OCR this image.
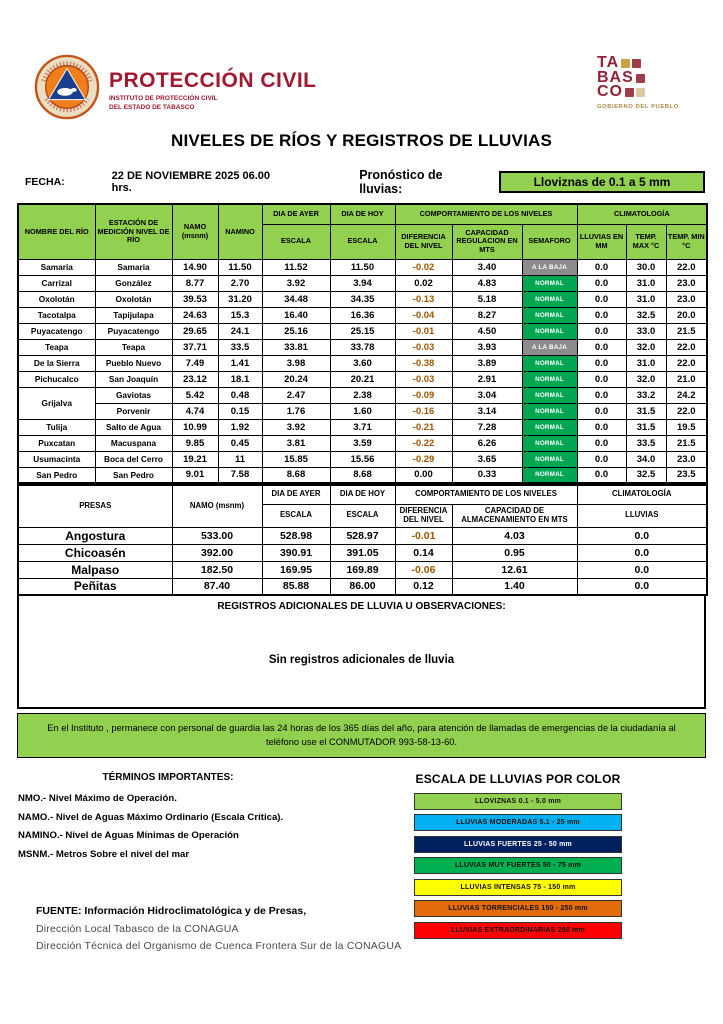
PROTECCIÓN CIVIL
INSTITUTO DE PROTECCIÓN CIVIL
DEL ESTADO DE TABASCO
TA
BAS
CO
GOBIERNO DEL PUEBLO
NIVELES DE RÍOS Y REGISTROS DE LLUVIAS
FECHA:	22 DE NOVIEMBRE 2025 06.00 hrs.
Pronóstico de lluvias:	Lloviznas de 0.1 a 5 mm
NOMBRE DEL RÍO	ESTACIÓN DE MEDICIÓN NIVEL DE RÍO	NAMO (msnm)	NAMINO	DIA DE AYER	DIA DE HOY	COMPORTAMIENTO DE LOS NIVELES			CLIMATOLOGÍA		
				ESCALA	ESCALA	DIFERENCIA DEL NIVEL	CAPACIDAD REGULACION EN MTS	SEMAFORO	LLUVIAS EN MM	TEMP. MAX °C	TEMP. MIN °C
Samaria	Samaria	14.90	11.50	11.52	11.50	-0.02	3.40	A LA BAJA	0.0	30.0	22.0
Carrizal	González	8.77	2.70	3.92	3.94	0.02	4.83	NORMAL	0.0	31.0	23.0
Oxolotán	Oxolotán	39.53	31.20	34.48	34.35	-0.13	5.18	NORMAL	0.0	31.0	23.0
Tacotalpa	Tapijulapa	24.63	15.3	16.40	16.36	-0.04	8.27	NORMAL	0.0	32.5	20.0
Puyacatengo	Puyacatengo	29.65	24.1	25.16	25.15	-0.01	4.50	NORMAL	0.0	33.0	21.5
Teapa	Teapa	37.71	33.5	33.81	33.78	-0.03	3.93	A LA BAJA	0.0	32.0	22.0
De la Sierra	Pueblo Nuevo	7.49	1.41	3.98	3.60	-0.38	3.89	NORMAL	0.0	31.0	22.0
Pichucalco	San Joaquín	23.12	18.1	20.24	20.21	-0.03	2.91	NORMAL	0.0	32.0	21.0
Grijalva	Gaviotas	5.42	0.48	2.47	2.38	-0.09	3.04	NORMAL	0.0	33.2	24.2
	Porvenir	4.74	0.15	1.76	1.60	-0.16	3.14	NORMAL	0.0	31.5	22.0
Tulija	Salto de Agua	10.99	1.92	3.92	3.71	-0.21	7.28	NORMAL	0.0	31.5	19.5
Puxcatan	Macuspana	9.85	0.45	3.81	3.59	-0.22	6.26	NORMAL	0.0	33.5	21.5
Usumacinta	Boca del Cerro	19.21	11	15.85	15.56	-0.29	3.65	NORMAL	0.0	34.0	23.0
San Pedro	San Pedro	9.01	7.58	8.68	8.68	0.00	0.33	NORMAL	0.0	32.5	23.5
PRESAS	NAMO (msnm)	DIA DE AYER	DIA DE HOY	COMPORTAMIENTO DE LOS NIVELES		CLIMATOLOGÍA
		ESCALA	ESCALA	DIFERENCIA DEL NIVEL	CAPACIDAD DE ALMACENAMIENTO EN MTS	LLUVIAS
Angostura	533.00	528.98	528.97	-0.01	4.03	0.0
Chicoasén	392.00	390.91	391.05	0.14	0.95	0.0
Malpaso	182.50	169.95	169.89	-0.06	12.61	0.0
Peñitas	87.40	85.88	86.00	0.12	1.40	0.0
REGISTROS ADICIONALES DE LLUVIA U OBSERVACIONES:
Sin registros adicionales de lluvia
En el Instituto , permanece con personal de guardia las 24 horas de los 365 días del año, para atención de llamadas de emergencias de la ciudadanía al teléfono use el CONMUTADOR 993-58-13-60.
TÉRMINOS IMPORTANTES:
NMO.- Nivel Máximo de Operación.
NAMO.- Nivel de Aguas Máximo Ordinario (Escala Crítica).
NAMINO.- Nivel de Aguas Mínimas de Operación
MSNM.- Metros Sobre el nivel del mar
FUENTE: Información Hidroclimatológica y de Presas,
Dirección Local Tabasco de la CONAGUA
Dirección Técnica del Organismo de Cuenca Frontera Sur de la CONAGUA
ESCALA DE LLUVIAS POR COLOR
LLOVIZNAS 0.1 - 5.0 mm
LLUVIAS MODERADAS 5.1 - 25 mm
LLUVIAS FUERTES 25 - 50 mm
LLUVIAS MUY FUERTES 50 - 75 mm
LLUVIAS INTENSAS 75 - 150 mm
LLUVIAS TORRENCIALES 150 - 250 mm
LLUVIAS EXTRAORDINARIAS 250 mm
